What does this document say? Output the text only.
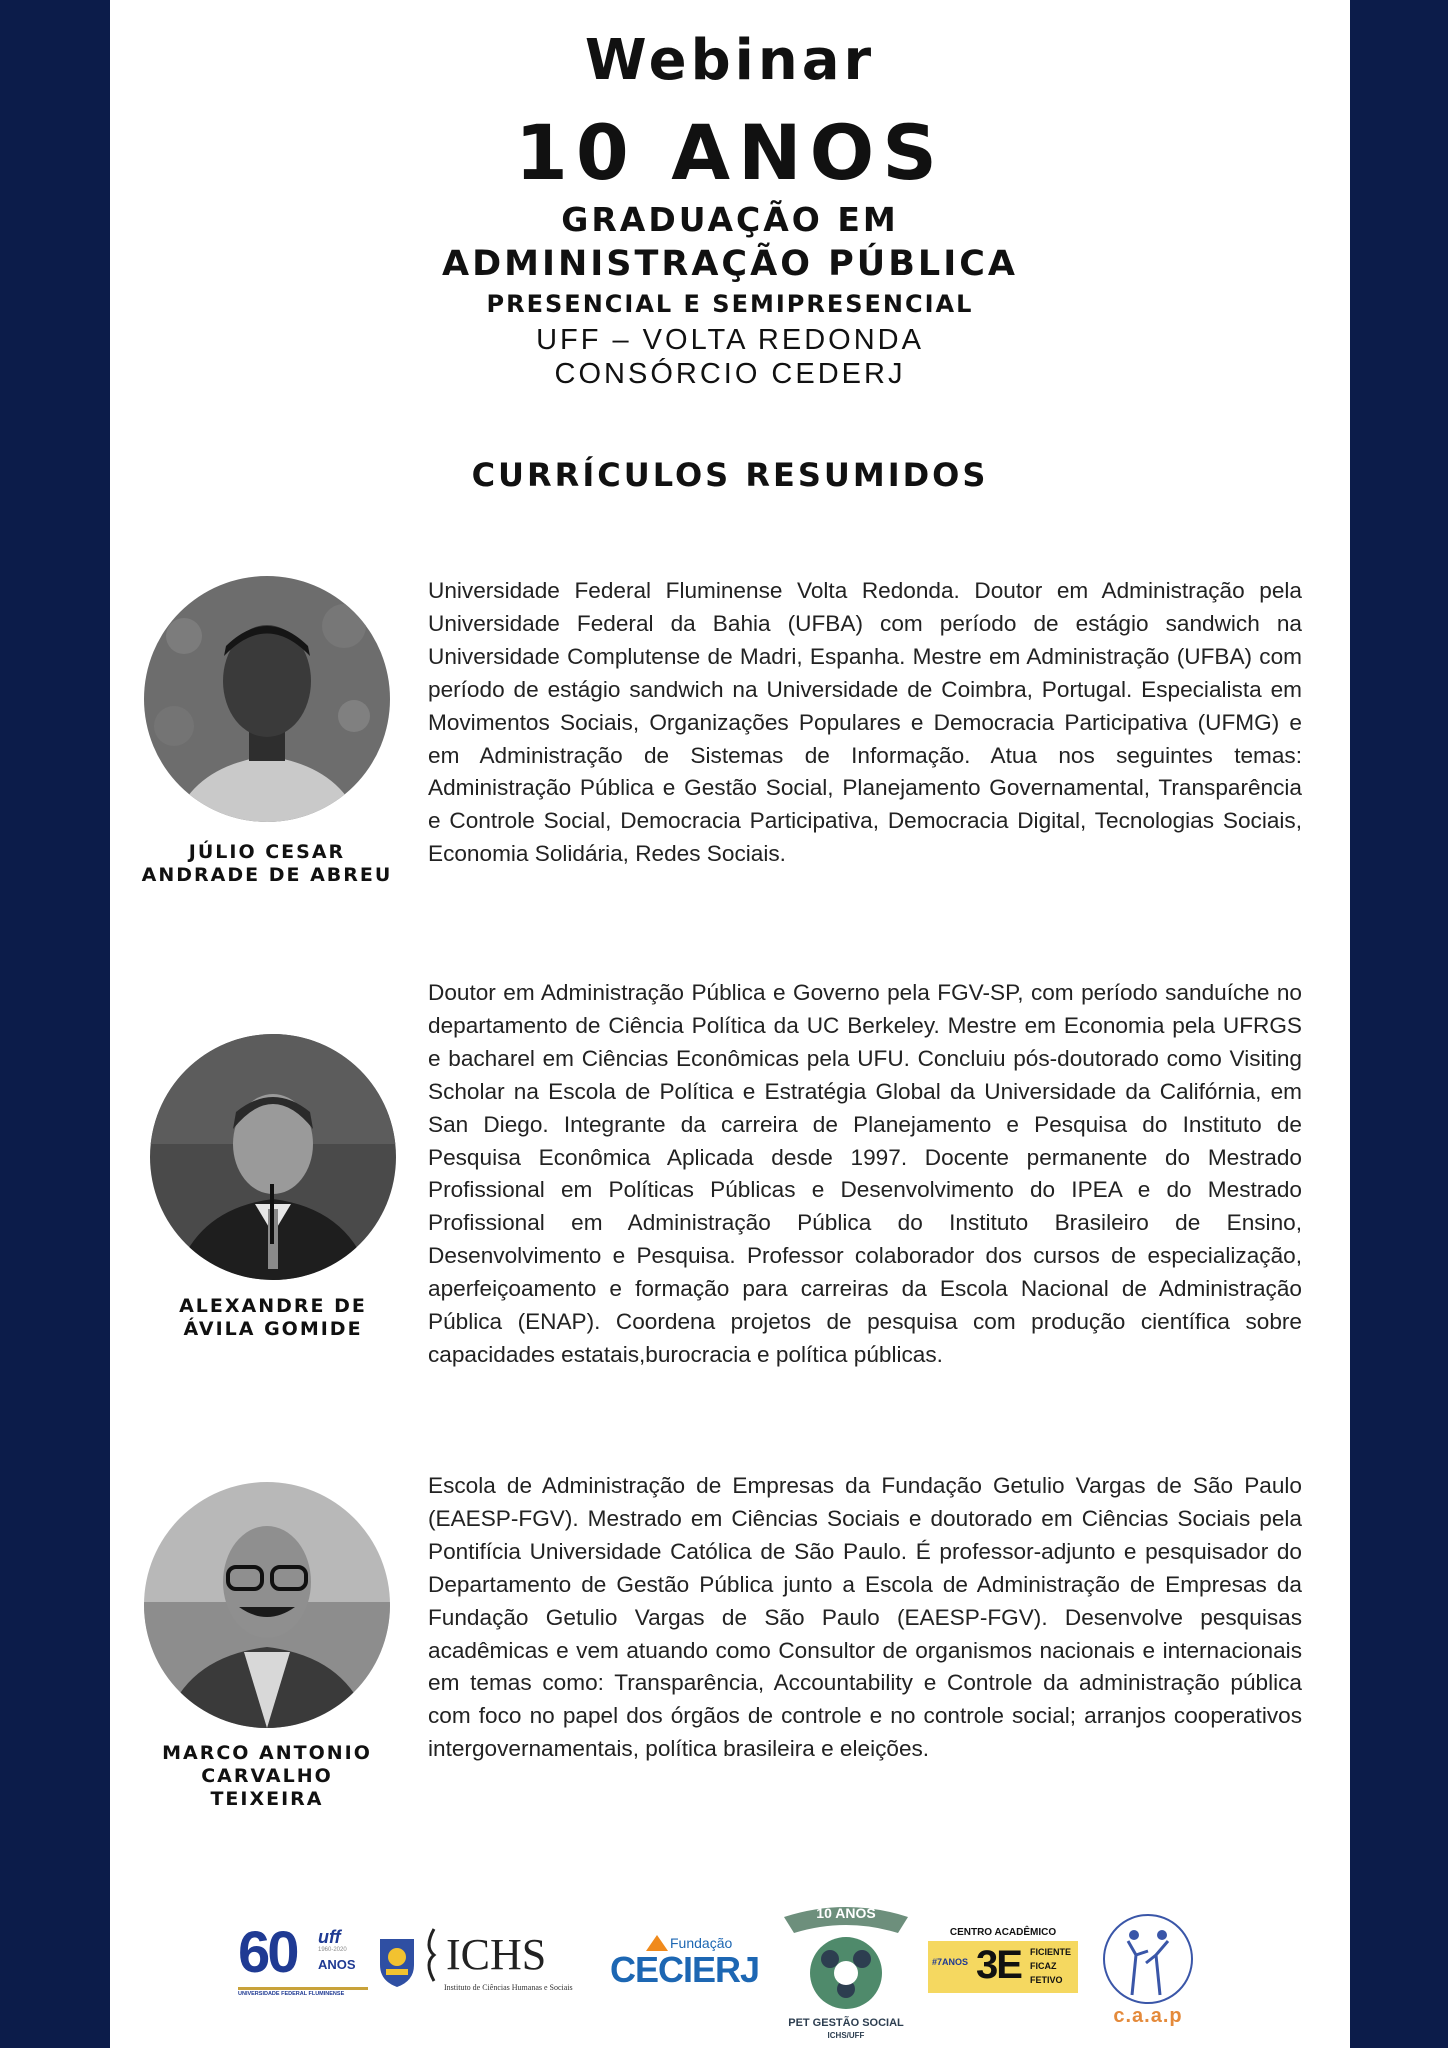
Webinar
10 ANOS
GRADUAÇÃO EM
ADMINISTRAÇÃO PÚBLICA
PRESENCIAL E SEMIPRESENCIAL
UFF – VOLTA REDONDA
CONSÓRCIO CEDERJ
CURRÍCULOS RESUMIDOS
JÚLIO CESAR
ANDRADE DE ABREU

Universidade Federal Fluminense Volta Redonda. Doutor em Administração pela Universidade Federal da Bahia (UFBA) com período de estágio sandwich na Universidade Complutense de Madri, Espanha. Mestre em Administração (UFBA) com período de estágio sandwich na Universidade de Coimbra, Portugal. Especialista em Movimentos Sociais, Organizações Populares e Democracia Participativa (UFMG) e em Administração de Sistemas de Informação. Atua nos seguintes temas: Administração Pública e Gestão Social, Planejamento Governamental, Transparência e Controle Social, Democracia Participativa, Democracia Digital, Tecnologias Sociais, Economia Solidária, Redes Sociais.

ALEXANDRE DE
ÁVILA GOMIDE

Doutor em Administração Pública e Governo pela FGV-SP, com período sanduíche no departamento de Ciência Política da UC Berkeley. Mestre em Economia pela UFRGS e bacharel em Ciências Econômicas pela UFU. Concluiu pós-doutorado como Visiting Scholar na Escola de Política e Estratégia Global da Universidade da Califórnia, em San Diego. Integrante da carreira de Planejamento e Pesquisa do Instituto de Pesquisa Econômica Aplicada desde 1997. Docente permanente do Mestrado Profissional em Políticas Públicas e Desenvolvimento do IPEA e do Mestrado Profissional em Administração Pública do Instituto Brasileiro de Ensino, Desenvolvimento e Pesquisa. Professor colaborador dos cursos de especialização, aperfeiçoamento e formação para carreiras da Escola Nacional de Administração Pública (ENAP). Coordena projetos de pesquisa com produção científica sobre capacidades estatais,burocracia e política públicas.

MARCO ANTONIO
CARVALHO
TEIXEIRA

Escola de Administração de Empresas da Fundação Getulio Vargas de São Paulo (EAESP-FGV). Mestrado em Ciências Sociais e doutorado em Ciências Sociais pela Pontifícia Universidade Católica de São Paulo. É professor-adjunto e pesquisador do Departamento de Gestão Pública junto a Escola de Administração de Empresas da Fundação Getulio Vargas de São Paulo (EAESP-FGV). Desenvolve pesquisas acadêmicas e vem atuando como Consultor de organismos nacionais e internacionais em temas como: Transparência, Accountability e Controle da administração pública com foco no papel dos órgãos de controle e no controle social; arranjos cooperativos intergovernamentais, política brasileira e eleições.

60 uff
1960-2020
ANOS
UNIVERSIDADE FEDERAL FLUMINENSE
ICHS
Instituto de Ciências Humanas e Sociais
Fundação
CECIERJ
10 ANOS
PET GESTÃO SOCIAL
ICHS/UFF
CENTRO ACADÊMICO
#7ANOS 3E FICIENTE
FICAZ
FETIVO
c.a.a.p
